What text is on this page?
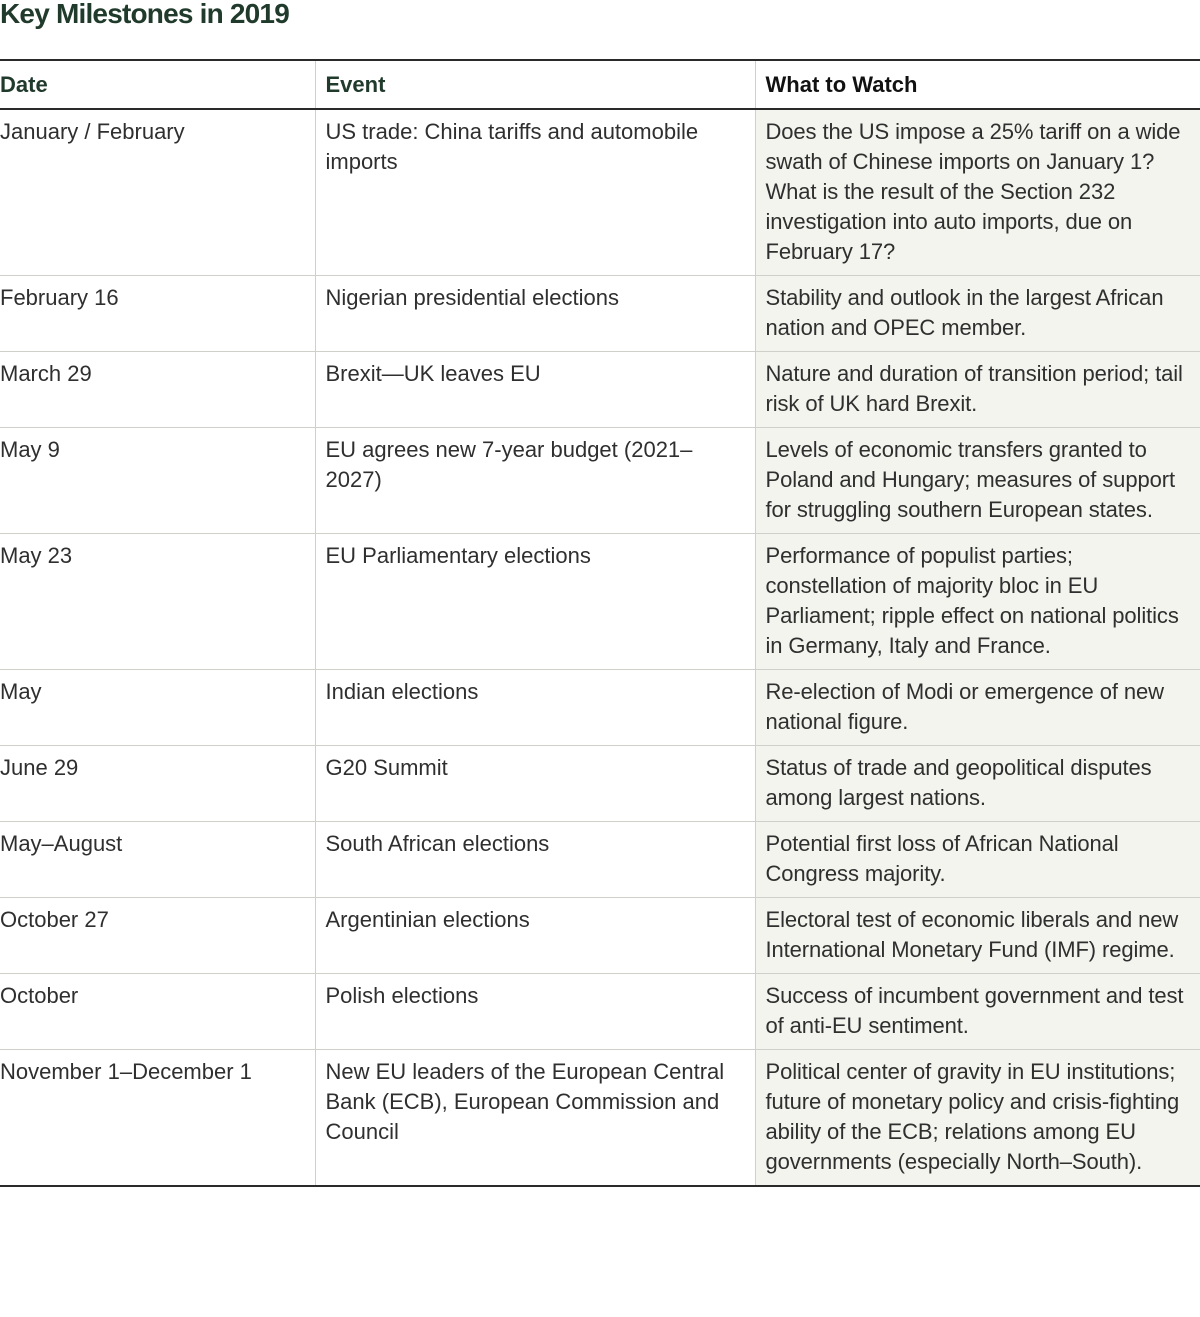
Key Milestones in 2019
Date	Event	What to Watch
January / February	US trade: China tariffs and automobile imports	Does the US impose a 25% tariff on a wide swath of Chinese imports on January 1? What is the result of the Section 232 investigation into auto imports, due on February 17?
February 16	Nigerian presidential elections	Stability and outlook in the largest African nation and OPEC member.
March 29	Brexit—UK leaves EU	Nature and duration of transition period; tail risk of UK hard Brexit.
May 9	EU agrees new 7-year budget (2021–2027)	Levels of economic transfers granted to Poland and Hungary; measures of support for struggling southern European states.
May 23	EU Parliamentary elections	Performance of populist parties; constellation of majority bloc in EU Parliament; ripple effect on national politics in Germany, Italy and France.
May	Indian elections	Re-election of Modi or emergence of new national figure.
June 29	G20 Summit	Status of trade and geopolitical disputes among largest nations.
May–August	South African elections	Potential first loss of African National Congress majority.
October 27	Argentinian elections	Electoral test of economic liberals and new International Monetary Fund (IMF) regime.
October	Polish elections	Success of incumbent government and test of anti-EU sentiment.
November 1–December 1	New EU leaders of the European Central Bank (ECB), European Commission and Council	Political center of gravity in EU institutions; future of monetary policy and crisis-fighting ability of the ECB; relations among EU governments (especially North–South).
